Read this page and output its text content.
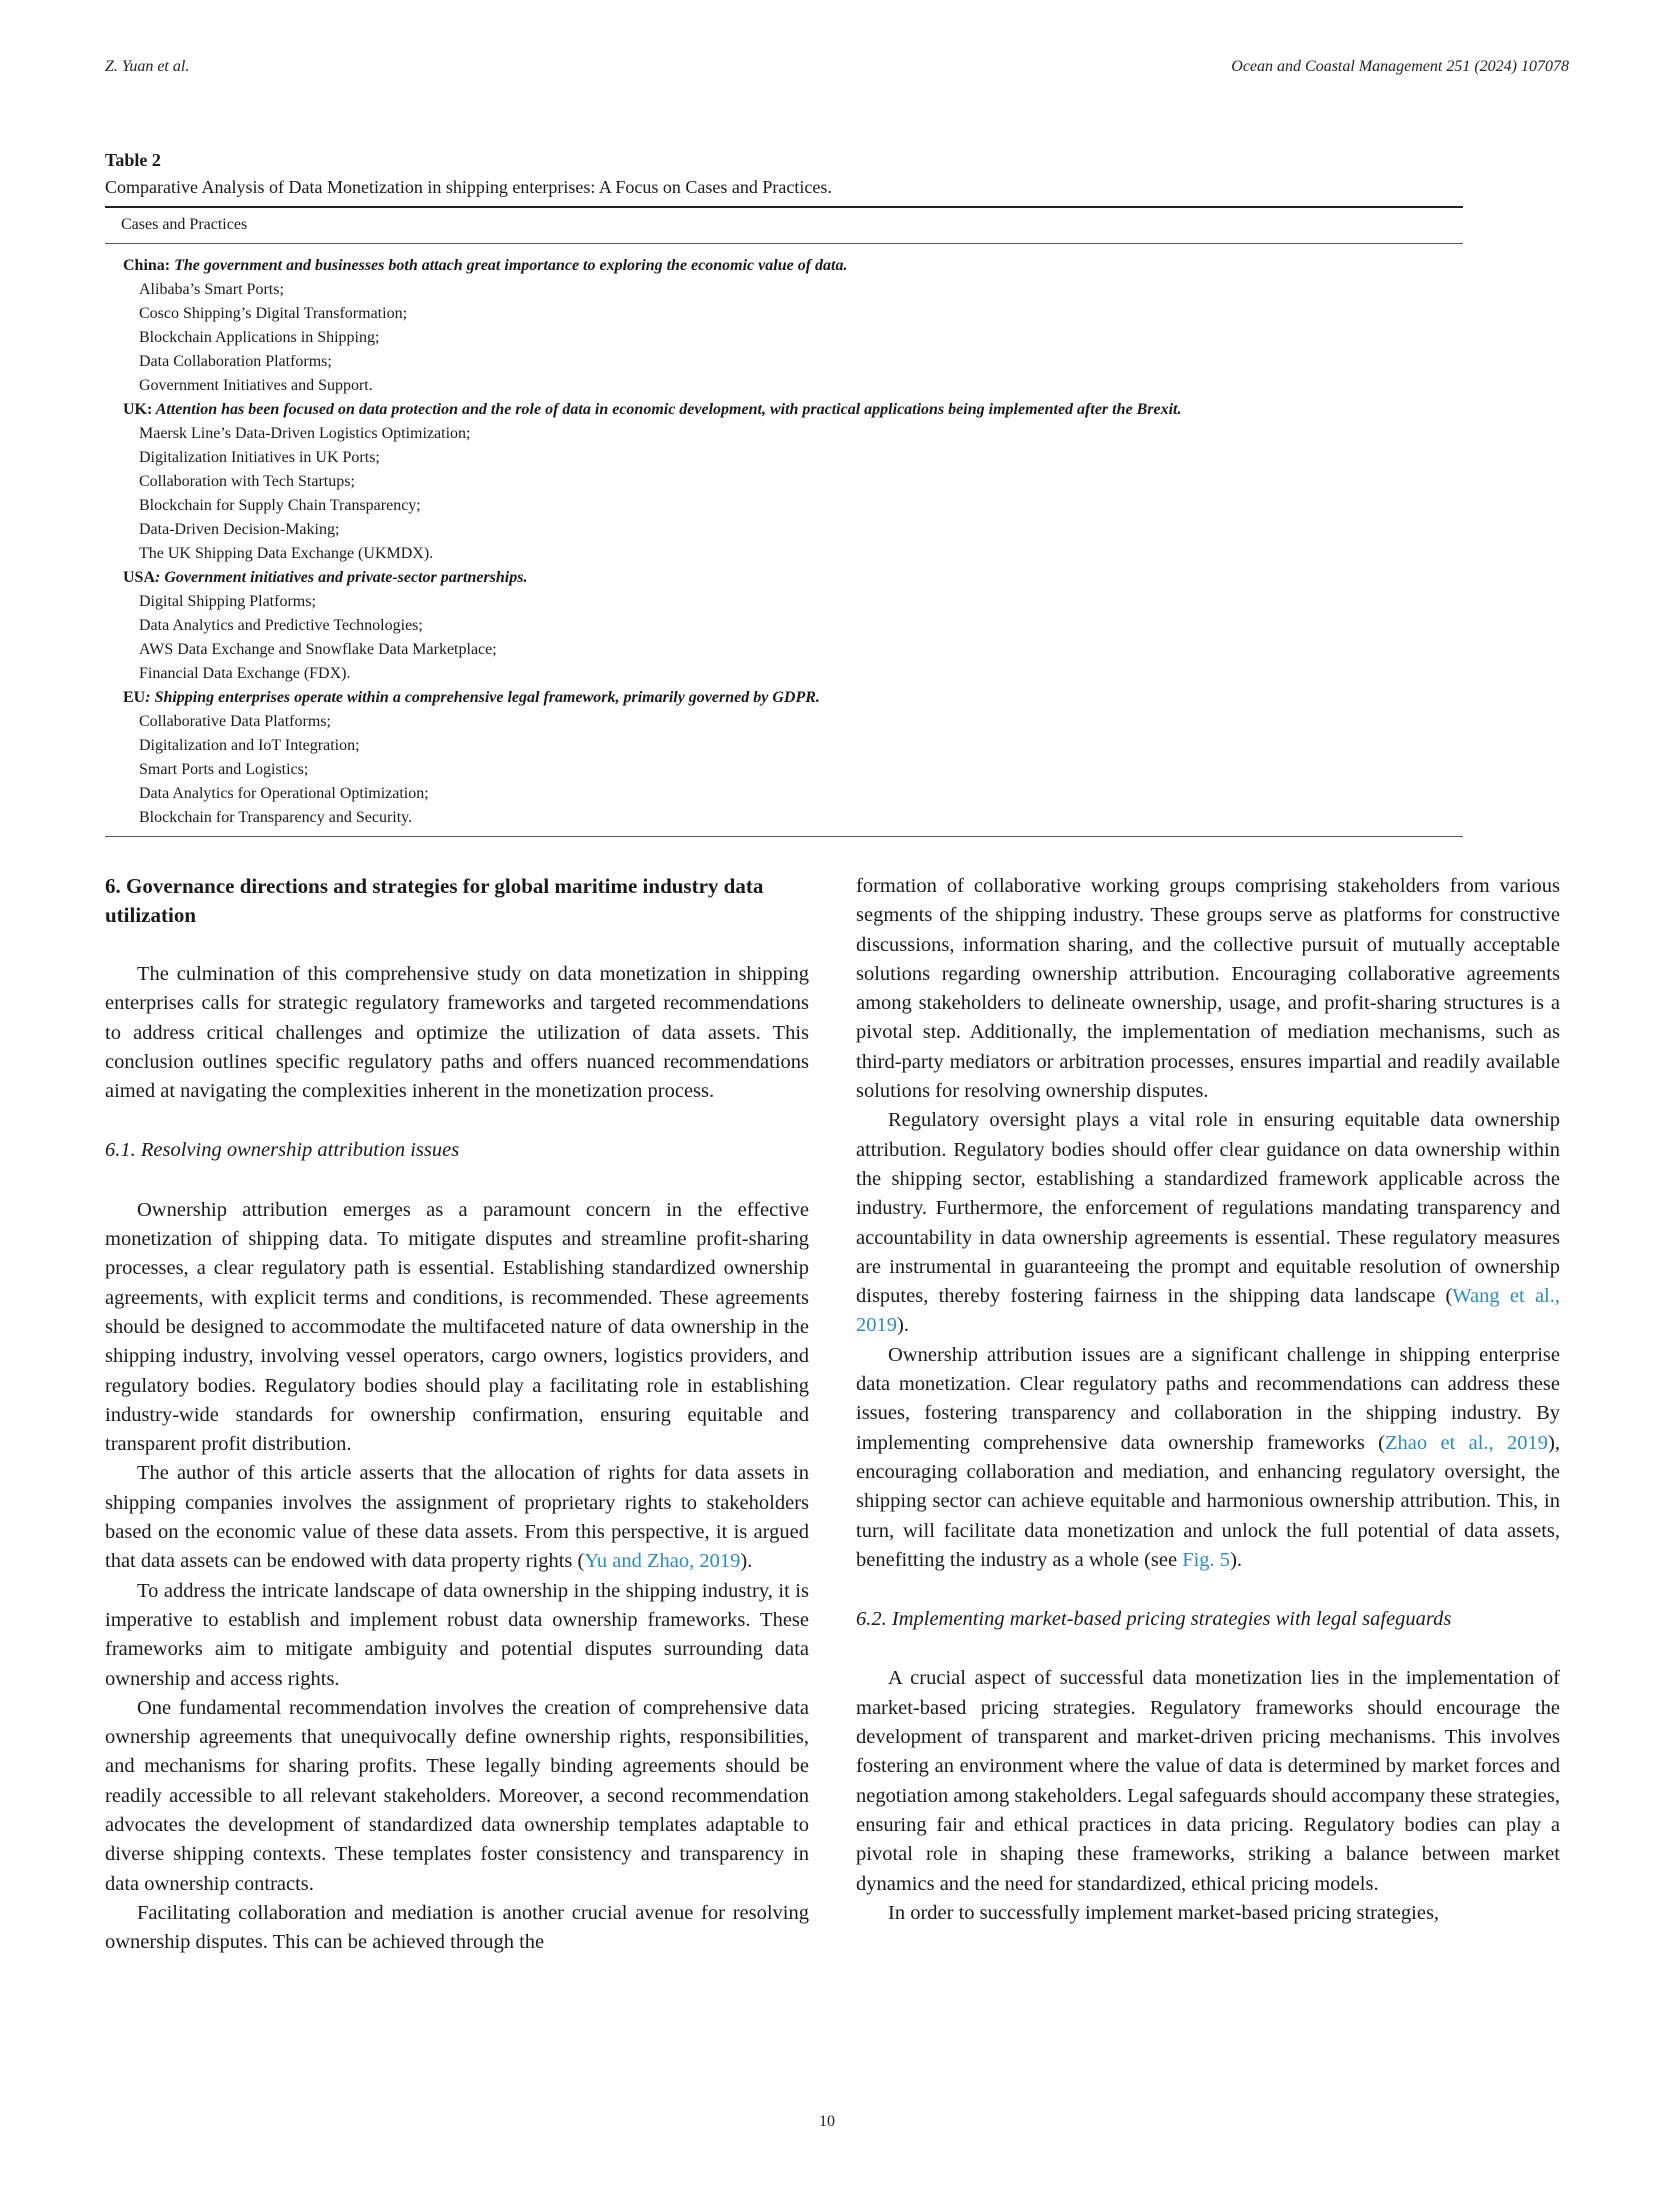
Z. Yuan et al.	Ocean and Coastal Management 251 (2024) 107078
Table 2
Comparative Analysis of Data Monetization in shipping enterprises: A Focus on Cases and Practices.
Cases and Practices
China: The government and businesses both attach great importance to exploring the economic value of data.
Alibaba’s Smart Ports;
Cosco Shipping’s Digital Transformation;
Blockchain Applications in Shipping;
Data Collaboration Platforms;
Government Initiatives and Support.
UK: Attention has been focused on data protection and the role of data in economic development, with practical applications being implemented after the Brexit.
Maersk Line’s Data-Driven Logistics Optimization;
Digitalization Initiatives in UK Ports;
Collaboration with Tech Startups;
Blockchain for Supply Chain Transparency;
Data-Driven Decision-Making;
The UK Shipping Data Exchange (UKMDX).
USA: Government initiatives and private-sector partnerships.
Digital Shipping Platforms;
Data Analytics and Predictive Technologies;
AWS Data Exchange and Snowflake Data Marketplace;
Financial Data Exchange (FDX).
EU: Shipping enterprises operate within a comprehensive legal framework, primarily governed by GDPR.
Collaborative Data Platforms;
Digitalization and IoT Integration;
Smart Ports and Logistics;
Data Analytics for Operational Optimization;
Blockchain for Transparency and Security.
6. Governance directions and strategies for global maritime industry data utilization

The culmination of this comprehensive study on data monetization in shipping enterprises calls for strategic regulatory frameworks and targeted recommendations to address critical challenges and optimize the utilization of data assets. This conclusion outlines specific regulatory paths and offers nuanced recommendations aimed at navigating the complexities inherent in the monetization process.

6.1. Resolving ownership attribution issues

Ownership attribution emerges as a paramount concern in the effective monetization of shipping data. To mitigate disputes and streamline profit-sharing processes, a clear regulatory path is essential. Establishing standardized ownership agreements, with explicit terms and conditions, is recommended. These agreements should be designed to accommodate the multifaceted nature of data ownership in the shipping industry, involving vessel operators, cargo owners, logistics providers, and regulatory bodies. Regulatory bodies should play a facilitating role in establishing industry-wide standards for ownership confirmation, ensuring equitable and transparent profit distribution.

The author of this article asserts that the allocation of rights for data assets in shipping companies involves the assignment of proprietary rights to stakeholders based on the economic value of these data assets. From this perspective, it is argued that data assets can be endowed with data property rights (Yu and Zhao, 2019).

To address the intricate landscape of data ownership in the shipping industry, it is imperative to establish and implement robust data ownership frameworks. These frameworks aim to mitigate ambiguity and potential disputes surrounding data ownership and access rights.

One fundamental recommendation involves the creation of comprehensive data ownership agreements that unequivocally define ownership rights, responsibilities, and mechanisms for sharing profits. These legally binding agreements should be readily accessible to all relevant stakeholders. Moreover, a second recommendation advocates the development of standardized data ownership templates adaptable to diverse shipping contexts. These templates foster consistency and transparency in data ownership contracts.

Facilitating collaboration and mediation is another crucial avenue for resolving ownership disputes. This can be achieved through the

formation of collaborative working groups comprising stakeholders from various segments of the shipping industry. These groups serve as platforms for constructive discussions, information sharing, and the collective pursuit of mutually acceptable solutions regarding ownership attribution. Encouraging collaborative agreements among stakeholders to delineate ownership, usage, and profit-sharing structures is a pivotal step. Additionally, the implementation of mediation mechanisms, such as third-party mediators or arbitration processes, ensures impartial and readily available solutions for resolving ownership disputes.

Regulatory oversight plays a vital role in ensuring equitable data ownership attribution. Regulatory bodies should offer clear guidance on data ownership within the shipping sector, establishing a standardized framework applicable across the industry. Furthermore, the enforcement of regulations mandating transparency and accountability in data ownership agreements is essential. These regulatory measures are instrumental in guaranteeing the prompt and equitable resolution of ownership disputes, thereby fostering fairness in the shipping data landscape (Wang et al., 2019).

Ownership attribution issues are a significant challenge in shipping enterprise data monetization. Clear regulatory paths and recommendations can address these issues, fostering transparency and collaboration in the shipping industry. By implementing comprehensive data ownership frameworks (Zhao et al., 2019), encouraging collaboration and mediation, and enhancing regulatory oversight, the shipping sector can achieve equitable and harmonious ownership attribution. This, in turn, will facilitate data monetization and unlock the full potential of data assets, benefitting the industry as a whole (see Fig. 5).

6.2. Implementing market-based pricing strategies with legal safeguards

A crucial aspect of successful data monetization lies in the implementation of market-based pricing strategies. Regulatory frameworks should encourage the development of transparent and market-driven pricing mechanisms. This involves fostering an environment where the value of data is determined by market forces and negotiation among stakeholders. Legal safeguards should accompany these strategies, ensuring fair and ethical practices in data pricing. Regulatory bodies can play a pivotal role in shaping these frameworks, striking a balance between market dynamics and the need for standardized, ethical pricing models.

In order to successfully implement market-based pricing strategies,

10
